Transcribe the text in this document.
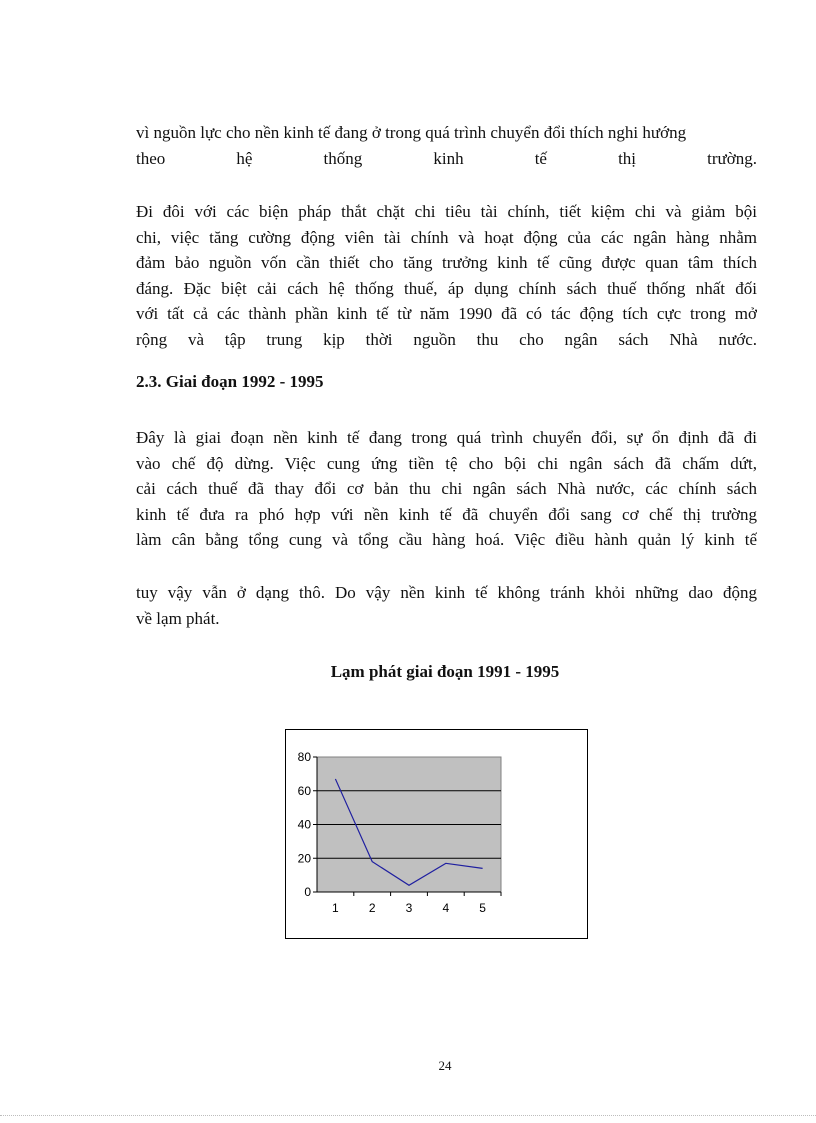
vì nguồn lực cho nền kinh tế đang ở trong quá trình chuyển đổi thích nghi hướng
theo hệ thống kinh tế thị trường.
Đi đôi với các biện pháp thắt chặt chi tiêu tài chính, tiết kiệm chi và giảm bội
chi, việc tăng cường động viên tài chính và hoạt động của các ngân hàng nhằm
đảm bảo nguồn vốn cần thiết cho tăng trưởng kinh tế cũng được quan tâm thích
đáng. Đặc biệt cải cách hệ thống thuế, áp dụng chính sách thuế thống nhất đối
với tất cả các thành phần kinh tế từ năm 1990 đã có tác động tích cực trong mở
rộng và tập trung kịp thời nguồn thu cho ngân sách Nhà nước.

2.3. Giai đoạn 1992 - 1995

Đây là giai đoạn nền kinh tế đang trong quá trình chuyển đổi, sự ổn định đã đi
vào chế độ dừng. Việc cung ứng tiền tệ cho bội chi ngân sách đã chấm dứt,
cải cách thuế đã thay đổi cơ bản thu chi ngân sách Nhà nước, các chính sách
kinh tế đưa ra phó hợp vứi nền kinh tế đã chuyển đổi sang cơ chế thị trường
làm cân bằng tổng cung và tổng cầu hàng hoá. Việc điều hành quản lý kinh tế
tuy vậy vẫn ở dạng thô. Do vậy nền kinh tế không tránh khỏi những dao động
về lạm phát.

Lạm phát giai đoạn 1991 - 1995

0
20
40
60
80
1	2	3	4	5

24
